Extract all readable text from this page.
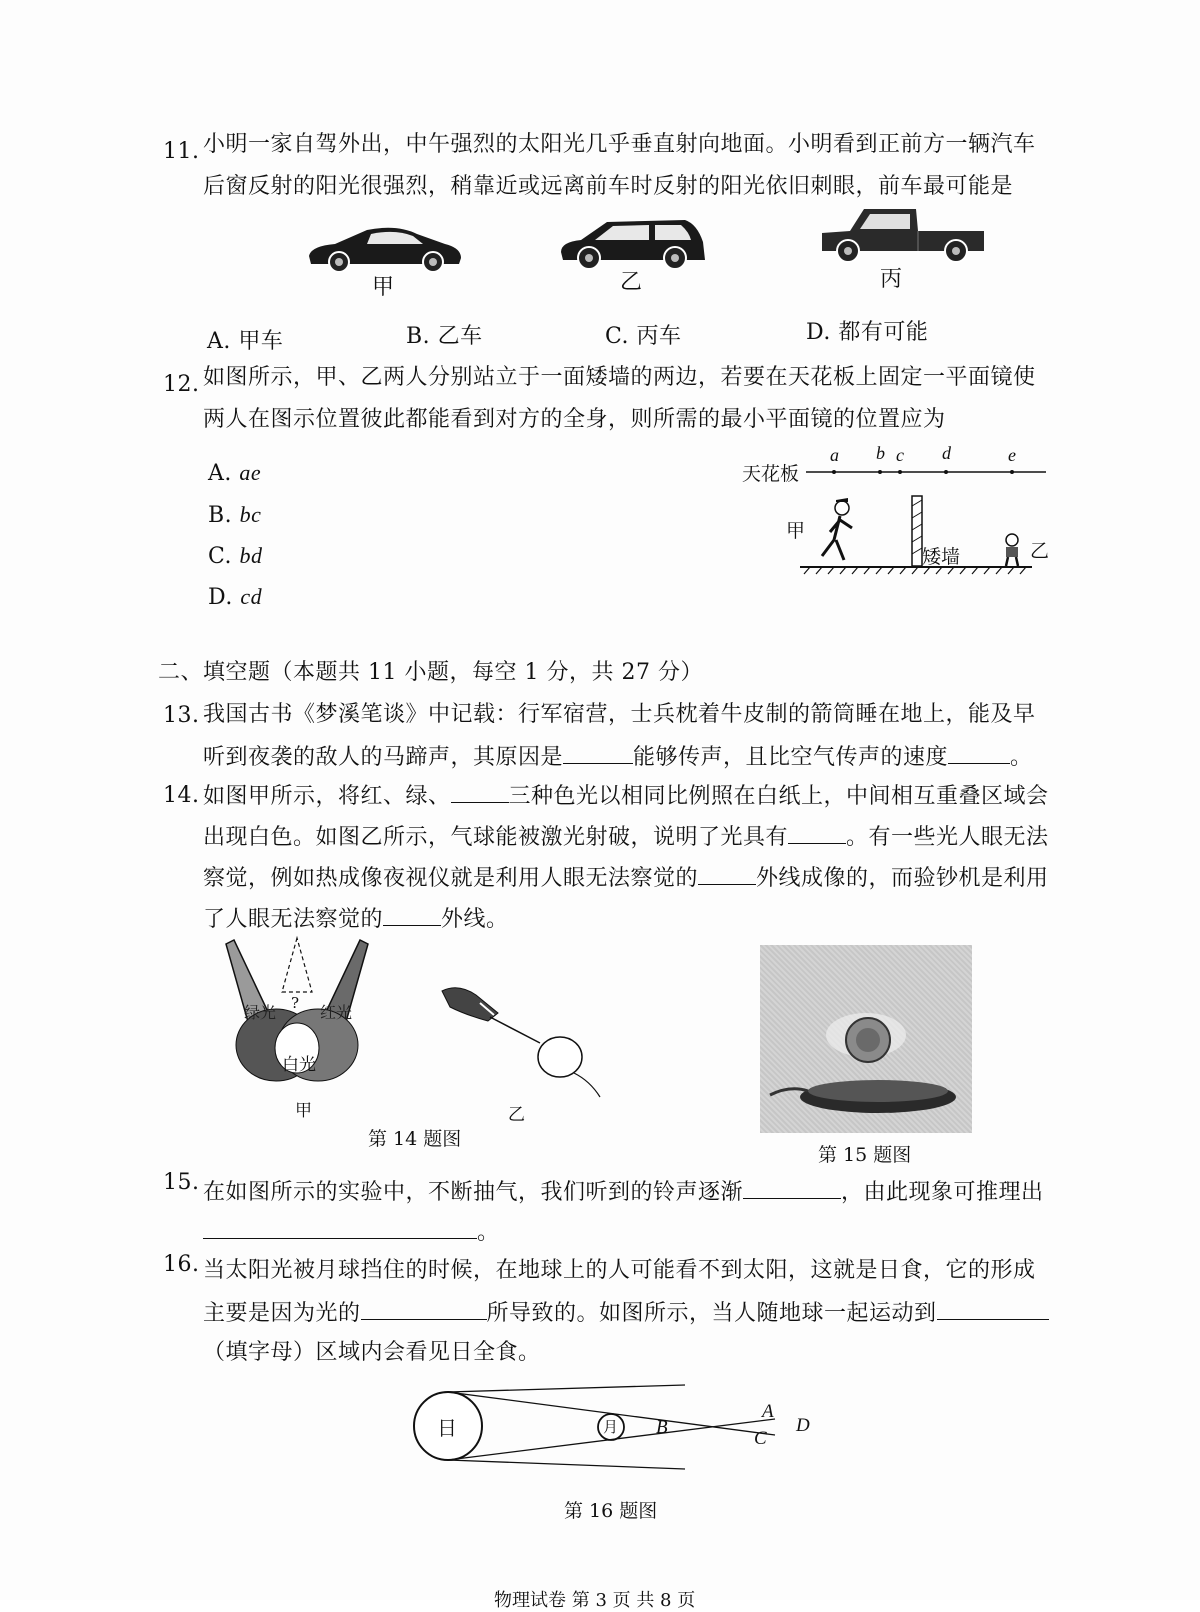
11. 小明一家自驾外出，中午强烈的太阳光几乎垂直射向地面。小明看到正前方一辆汽车
后窗反射的阳光很强烈，稍靠近或远离前车时反射的阳光依旧刺眼，前车最可能是
甲	乙	丙
A. 甲车	B. 乙车	C. 丙车	D. 都有可能
12. 如图所示，甲、乙两人分别站立于一面矮墙的两边，若要在天花板上固定一平面镜使
两人在图示位置彼此都能看到对方的全身，则所需的最小平面镜的位置应为
A. ae
B. bc
C. bd
D. cd
天花板
a b c d	e
甲
矮墙	乙
二、填空题（本题共 11 小题，每空 1 分，共 27 分）
13. 我国古书《梦溪笔谈》中记载：行军宿营，士兵枕着牛皮制的箭筒睡在地上，能及早
听到夜袭的敌人的马蹄声，其原因是	能够传声，且比空气传声的速度	。
14. 如图甲所示，将红、绿、	三种色光以相同比例照在白纸上，中间相互重叠区域会
出现白色。如图乙所示，气球能被激光射破，说明了光具有	。有一些光人眼无法
察觉，例如热成像夜视仪就是利用人眼无法察觉的	外线成像的，而验钞机是利用
了人眼无法察觉的	外线。
绿光	红光
?
白光
甲	乙
第 14 题图
第 15 题图
15. 在如图所示的实验中，不断抽气，我们听到的铃声逐渐	，由此现象可推理出
。
16. 当太阳光被月球挡住的时候，在地球上的人可能看不到太阳，这就是日食，它的形成
主要是因为光的	所导致的。如图所示，当人随地球一起运动到
（填字母）区域内会看见日全食。
日	月
A
B
C
D
第 16 题图
物理试卷 第 3 页 共 8 页
